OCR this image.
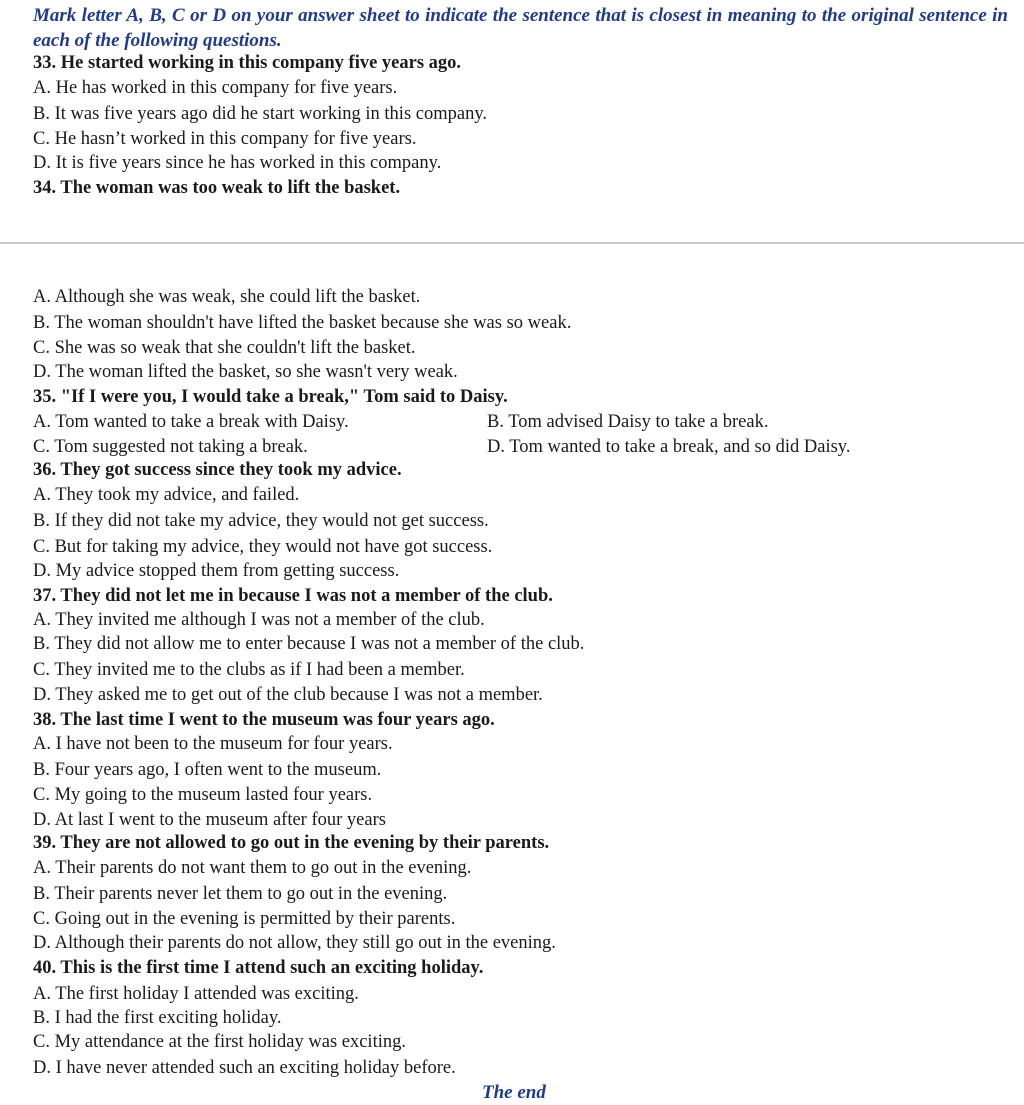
Mark letter A, B, C or D on your answer sheet to indicate the sentence that is closest in meaning to the original sentence in each of the following questions.
33. He started working in this company five years ago.
A. He has worked in this company for five years.
B. It was five years ago did he start working in this company.
C. He hasn’t worked in this company for five years.
D. It is five years since he has worked in this company.
34. The woman was too weak to lift the basket.
A. Although she was weak, she could lift the basket.
B. The woman shouldn't have lifted the basket because she was so weak.
C. She was so weak that she couldn't lift the basket.
D. The woman lifted the basket, so she wasn't very weak.
35. "If I were you, I would take a break," Tom said to Daisy.
A. Tom wanted to take a break with Daisy.	B. Tom advised Daisy to take a break.
C. Tom suggested not taking a break.	D. Tom wanted to take a break, and so did Daisy.
36. They got success since they took my advice.
A. They took my advice, and failed.
B. If they did not take my advice, they would not get success.
C. But for taking my advice, they would not have got success.
D. My advice stopped them from getting success.
37. They did not let me in because I was not a member of the club.
A. They invited me although I was not a member of the club.
B. They did not allow me to enter because I was not a member of the club.
C. They invited me to the clubs as if I had been a member.
D. They asked me to get out of the club because I was not a member.
38. The last time I went to the museum was four years ago.
A. I have not been to the museum for four years.
B. Four years ago, I often went to the museum.
C. My going to the museum lasted four years.
D. At last I went to the museum after four years
39. They are not allowed to go out in the evening by their parents.
A. Their parents do not want them to go out in the evening.
B. Their parents never let them to go out in the evening.
C. Going out in the evening is permitted by their parents.
D. Although their parents do not allow, they still go out in the evening.
40. This is the first time I attend such an exciting holiday.
A. The first holiday I attended was exciting.
B. I had the first exciting holiday.
C. My attendance at the first holiday was exciting.
D. I have never attended such an exciting holiday before.
The end
